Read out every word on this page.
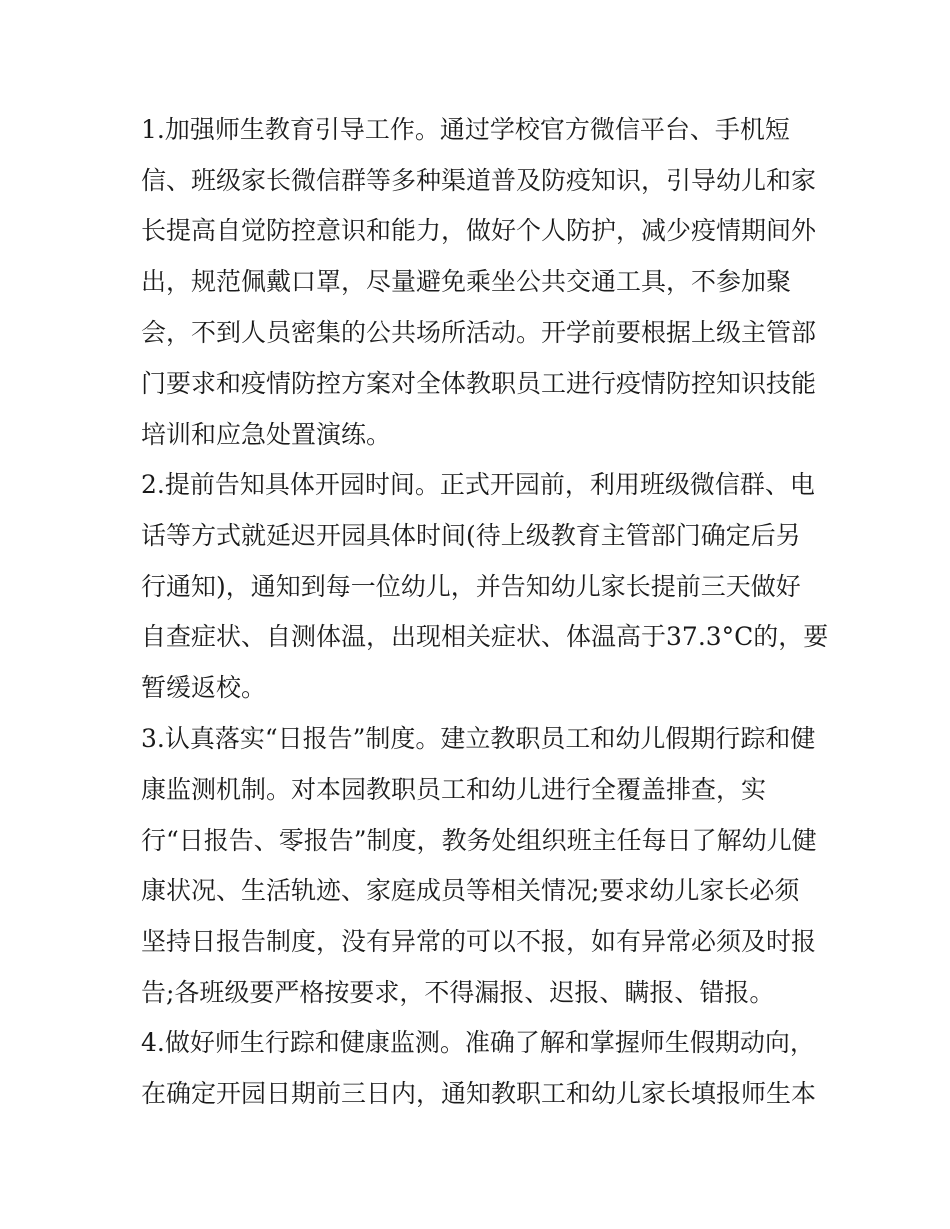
1.加强师生教育引导工作。通过学校官方微信平台、手机短
信、班级家长微信群等多种渠道普及防疫知识，引导幼儿和家
长提高自觉防控意识和能力，做好个人防护，减少疫情期间外
出，规范佩戴口罩，尽量避免乘坐公共交通工具，不参加聚
会，不到人员密集的公共场所活动。开学前要根据上级主管部
门要求和疫情防控方案对全体教职员工进行疫情防控知识技能
培训和应急处置演练。
2.提前告知具体开园时间。正式开园前，利用班级微信群、电
话等方式就延迟开园具体时间(待上级教育主管部门确定后另
行通知)，通知到每一位幼儿，并告知幼儿家长提前三天做好
自查症状、自测体温，出现相关症状、体温高于37.3°C的，要
暂缓返校。
3.认真落实“日报告”制度。建立教职员工和幼儿假期行踪和健
康监测机制。对本园教职员工和幼儿进行全覆盖排查，实
行“日报告、零报告”制度，教务处组织班主任每日了解幼儿健
康状况、生活轨迹、家庭成员等相关情况;要求幼儿家长必须
坚持日报告制度，没有异常的可以不报，如有异常必须及时报
告;各班级要严格按要求，不得漏报、迟报、瞒报、错报。
4.做好师生行踪和健康监测。准确了解和掌握师生假期动向，
在确定开园日期前三日内，通知教职工和幼儿家长填报师生本
